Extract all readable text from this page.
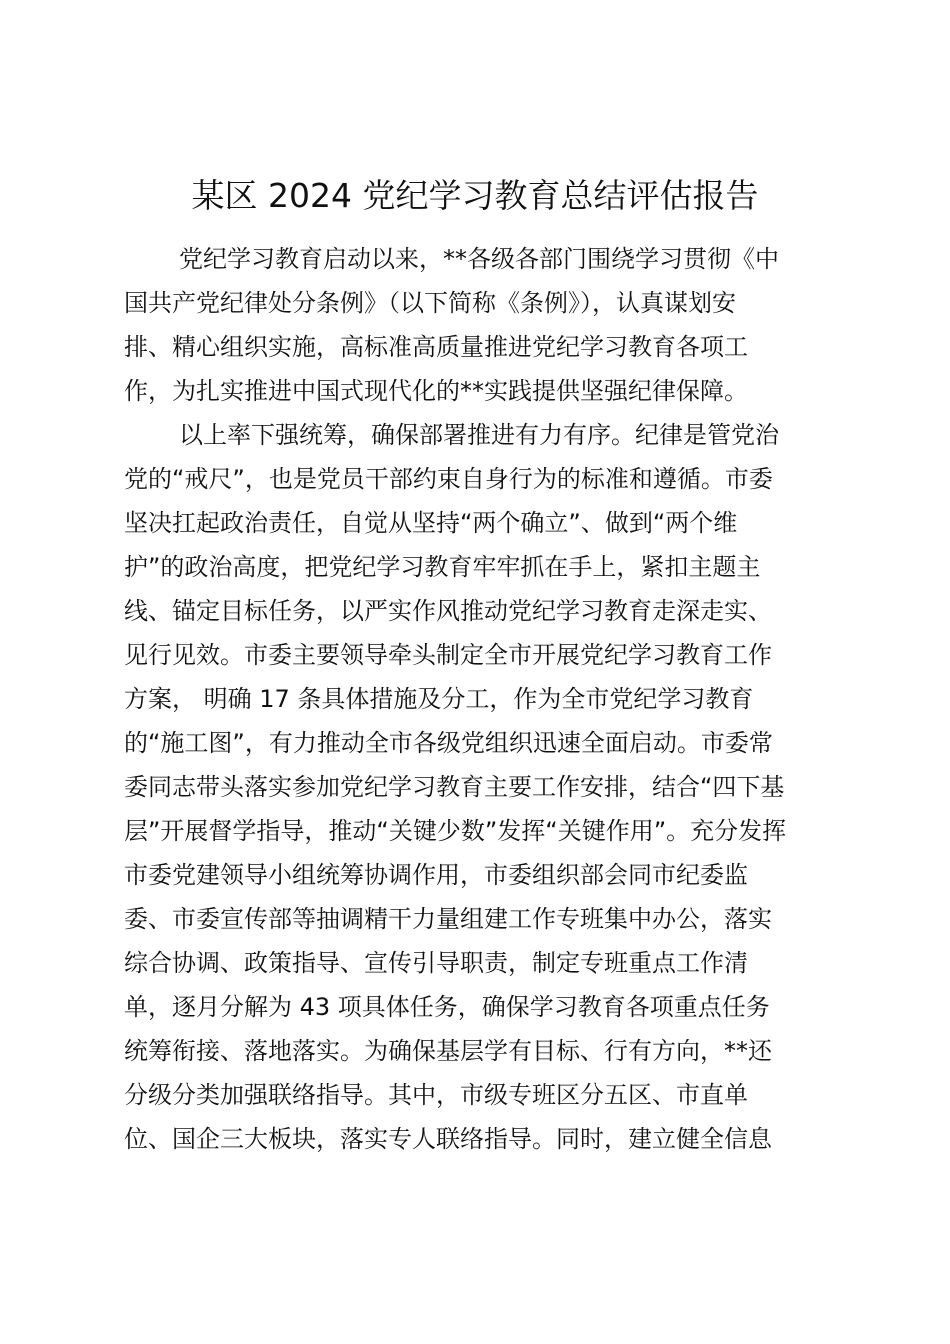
某区 2024 党纪学习教育总结评估报告
党纪学习教育启动以来，**各级各部门围绕学习贯彻《中
国共产党纪律处分条例》（以下简称《条例》），认真谋划安
排、精心组织实施，高标准高质量推进党纪学习教育各项工
作，为扎实推进中国式现代化的**实践提供坚强纪律保障。
以上率下强统筹，确保部署推进有力有序。纪律是管党治
党的“戒尺”，也是党员干部约束自身行为的标准和遵循。市委
坚决扛起政治责任，自觉从坚持“两个确立”、做到“两个维
护”的政治高度，把党纪学习教育牢牢抓在手上，紧扣主题主
线、锚定目标任务，以严实作风推动党纪学习教育走深走实、
见行见效。市委主要领导牵头制定全市开展党纪学习教育工作
方案， 明确 17 条具体措施及分工，作为全市党纪学习教育
的“施工图”，有力推动全市各级党组织迅速全面启动。市委常
委同志带头落实参加党纪学习教育主要工作安排，结合“四下基
层”开展督学指导，推动“关键少数”发挥“关键作用”。充分发挥
市委党建领导小组统筹协调作用，市委组织部会同市纪委监
委、市委宣传部等抽调精干力量组建工作专班集中办公，落实
综合协调、政策指导、宣传引导职责，制定专班重点工作清
单，逐月分解为 43 项具体任务，确保学习教育各项重点任务
统筹衔接、落地落实。为确保基层学有目标、行有方向，**还
分级分类加强联络指导。其中，市级专班区分五区、市直单
位、国企三大板块，落实专人联络指导。同时，建立健全信息
